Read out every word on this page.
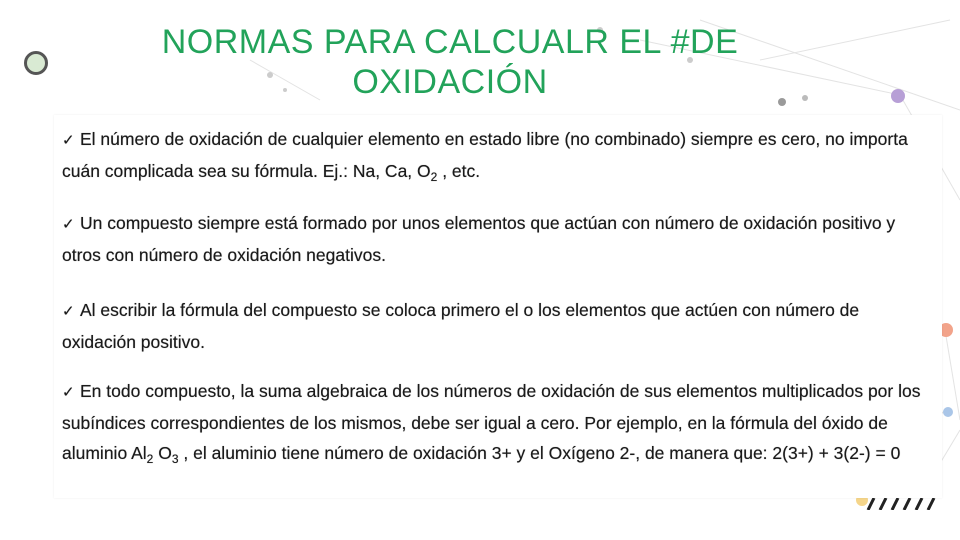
NORMAS PARA CALCUALR EL #DE OXIDACIÓN

✓ El número de oxidación de cualquier elemento en estado libre (no combinado) siempre es cero, no importa cuán complicada sea su fórmula. Ej.: Na, Ca, $O_2$ , etc.

✓ Un compuesto siempre está formado por unos elementos que actúan con número de oxidación positivo y otros con número de oxidación negativos.

✓ Al escribir la fórmula del compuesto se coloca primero el o los elementos que actúen con número de oxidación positivo.

✓ En todo compuesto, la suma algebraica de los números de oxidación de sus elementos multiplicados por los subíndices correspondientes de los mismos, debe ser igual a cero. Por ejemplo, en la fórmula del óxido de aluminio $Al_2$ $O_3$ , el aluminio tiene número de oxidación 3+ y el Oxígeno 2-, de manera que: 2(3+) + 3(2-) = 0
